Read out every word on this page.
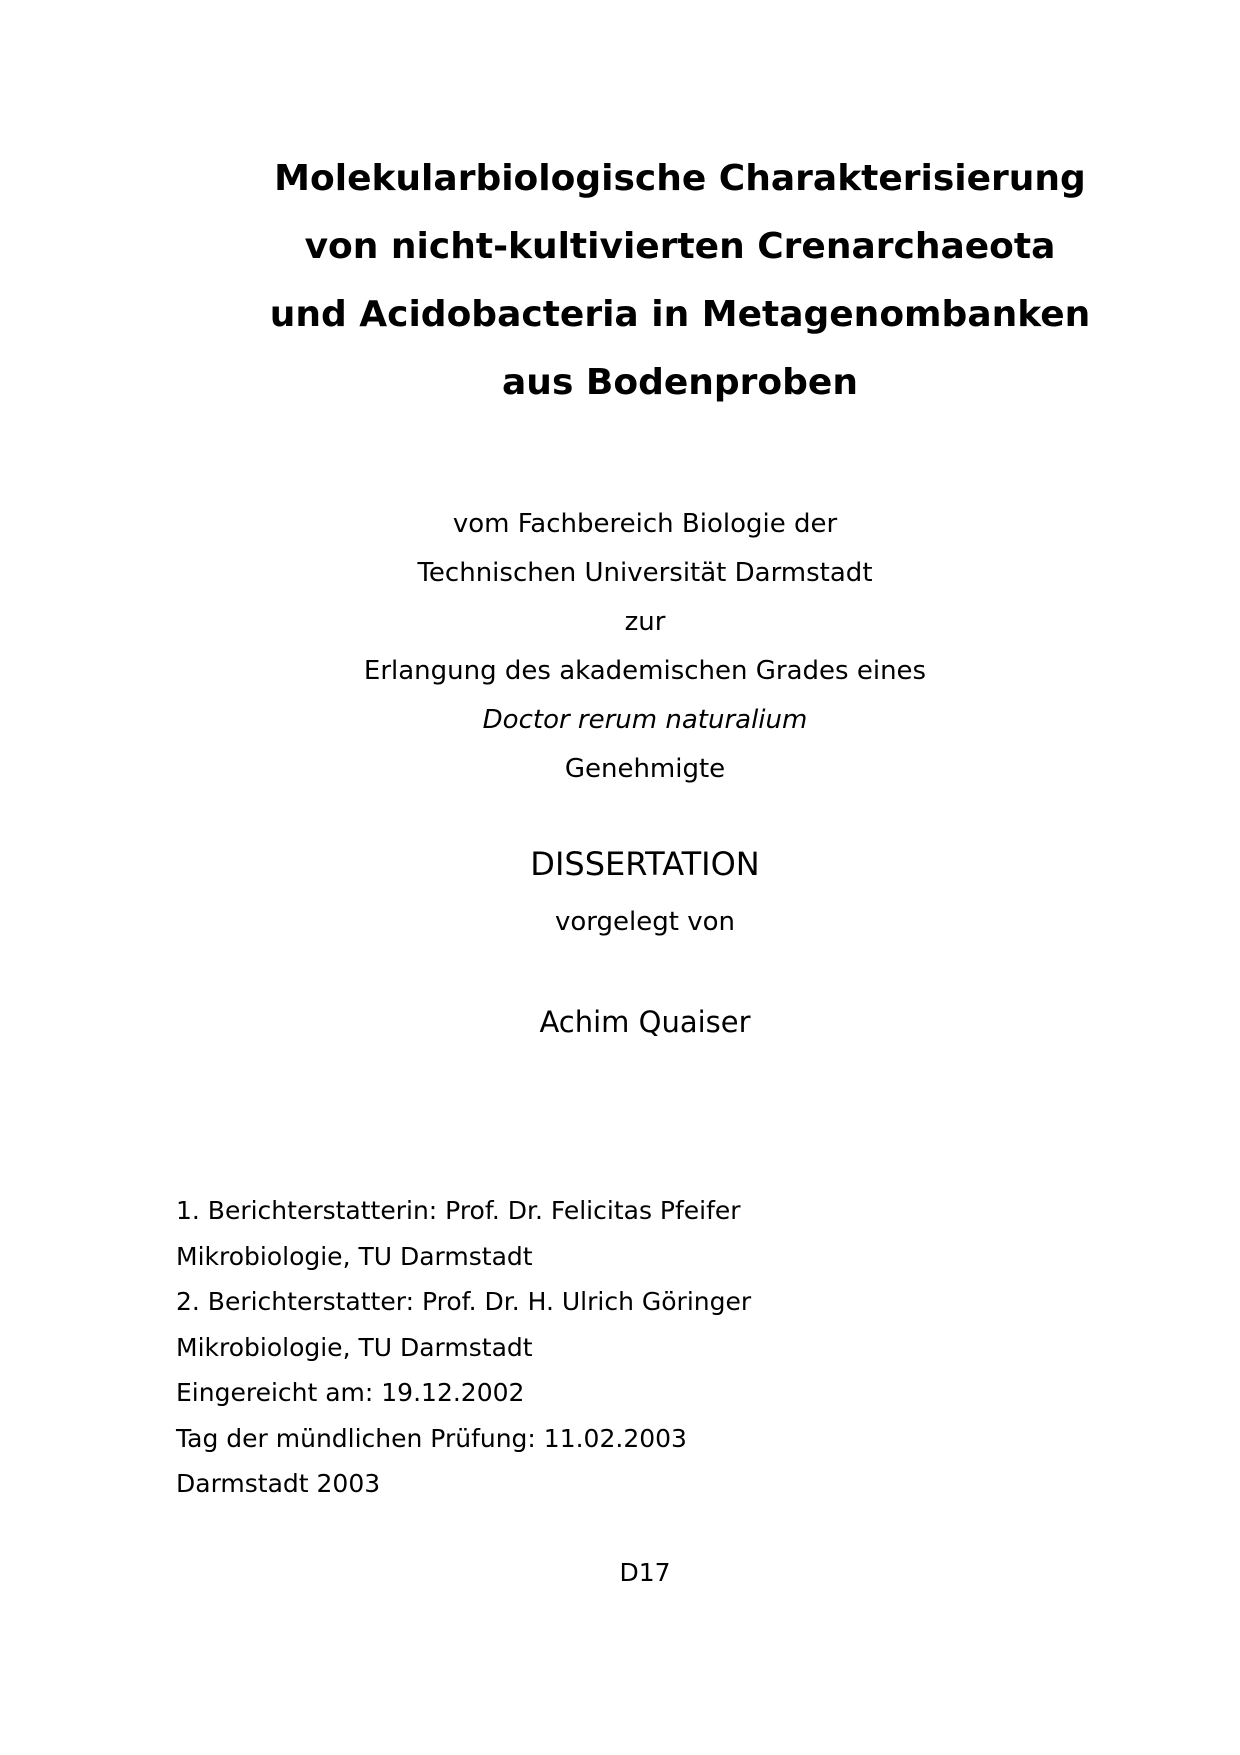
Molekularbiologische Charakterisierung
von nicht-kultivierten Crenarchaeota
und Acidobacteria in Metagenombanken
aus Bodenproben
vom Fachbereich Biologie der
Technischen Universität Darmstadt
zur
Erlangung des akademischen Grades eines
Doctor rerum naturalium
Genehmigte
DISSERTATION
vorgelegt von
Achim Quaiser
1. Berichterstatterin: Prof. Dr. Felicitas Pfeifer
Mikrobiologie, TU Darmstadt
2. Berichterstatter: Prof. Dr. H. Ulrich Göringer
Mikrobiologie, TU Darmstadt
Eingereicht am: 19.12.2002
Tag der mündlichen Prüfung: 11.02.2003
Darmstadt 2003
D17
